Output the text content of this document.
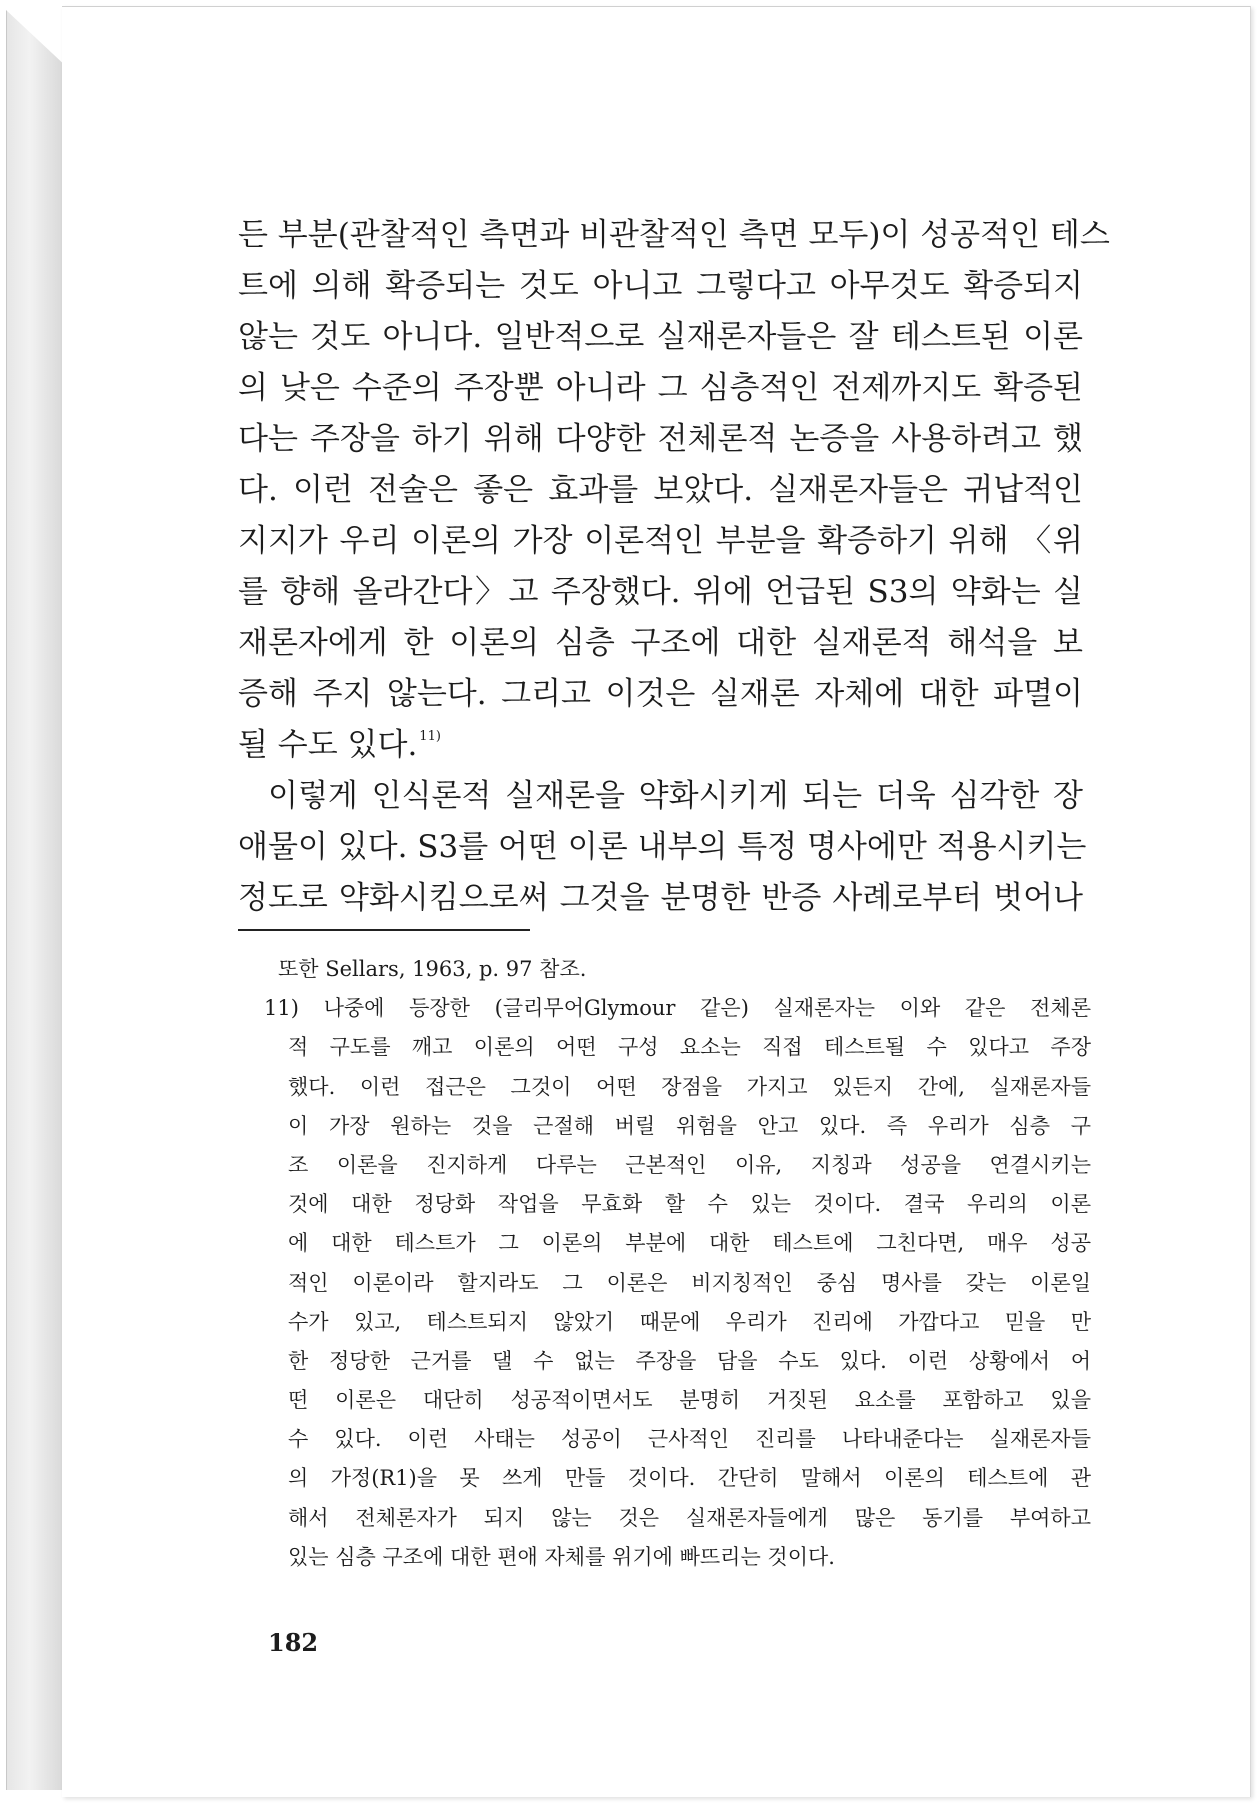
든 부분(관찰적인 측면과 비관찰적인 측면 모두)이 성공적인 테스
트에 의해 확증되는 것도 아니고 그렇다고 아무것도 확증되지
않는 것도 아니다. 일반적으로 실재론자들은 잘 테스트된 이론
의 낮은 수준의 주장뿐 아니라 그 심층적인 전제까지도 확증된
다는 주장을 하기 위해 다양한 전체론적 논증을 사용하려고 했
다. 이런 전술은 좋은 효과를 보았다. 실재론자들은 귀납적인
지지가 우리 이론의 가장 이론적인 부분을 확증하기 위해 〈위
를 향해 올라간다〉고 주장했다. 위에 언급된 S3의 약화는 실
재론자에게 한 이론의 심층 구조에 대한 실재론적 해석을 보
증해 주지 않는다. 그리고 이것은 실재론 자체에 대한 파멸이
될 수도 있다. $^{11)}$
이렇게 인식론적 실재론을 약화시키게 되는 더욱 심각한 장
애물이 있다. S3를 어떤 이론 내부의 특정 명사에만 적용시키는
정도로 약화시킴으로써 그것을 분명한 반증 사례로부터 벗어나
또한 Sellars, 1963, p. 97 참조.
11) 나중에 등장한 (글리무어Glymour 같은) 실재론자는 이와 같은 전체론
적 구도를 깨고 이론의 어떤 구성 요소는 직접 테스트될 수 있다고 주장
했다. 이런 접근은 그것이 어떤 장점을 가지고 있든지 간에, 실재론자들
이 가장 원하는 것을 근절해 버릴 위험을 안고 있다. 즉 우리가 심층 구
조 이론을 진지하게 다루는 근본적인 이유, 지칭과 성공을 연결시키는
것에 대한 정당화 작업을 무효화 할 수 있는 것이다. 결국 우리의 이론
에 대한 테스트가 그 이론의 부분에 대한 테스트에 그친다면, 매우 성공
적인 이론이라 할지라도 그 이론은 비지칭적인 중심 명사를 갖는 이론일
수가 있고, 테스트되지 않았기 때문에 우리가 진리에 가깝다고 믿을 만
한 정당한 근거를 댈 수 없는 주장을 담을 수도 있다. 이런 상황에서 어
떤 이론은 대단히 성공적이면서도 분명히 거짓된 요소를 포함하고 있을
수 있다. 이런 사태는 성공이 근사적인 진리를 나타내준다는 실재론자들
의 가정(R1)을 못 쓰게 만들 것이다. 간단히 말해서 이론의 테스트에 관
해서 전체론자가 되지 않는 것은 실재론자들에게 많은 동기를 부여하고
있는 심층 구조에 대한 편애 자체를 위기에 빠뜨리는 것이다.
182
